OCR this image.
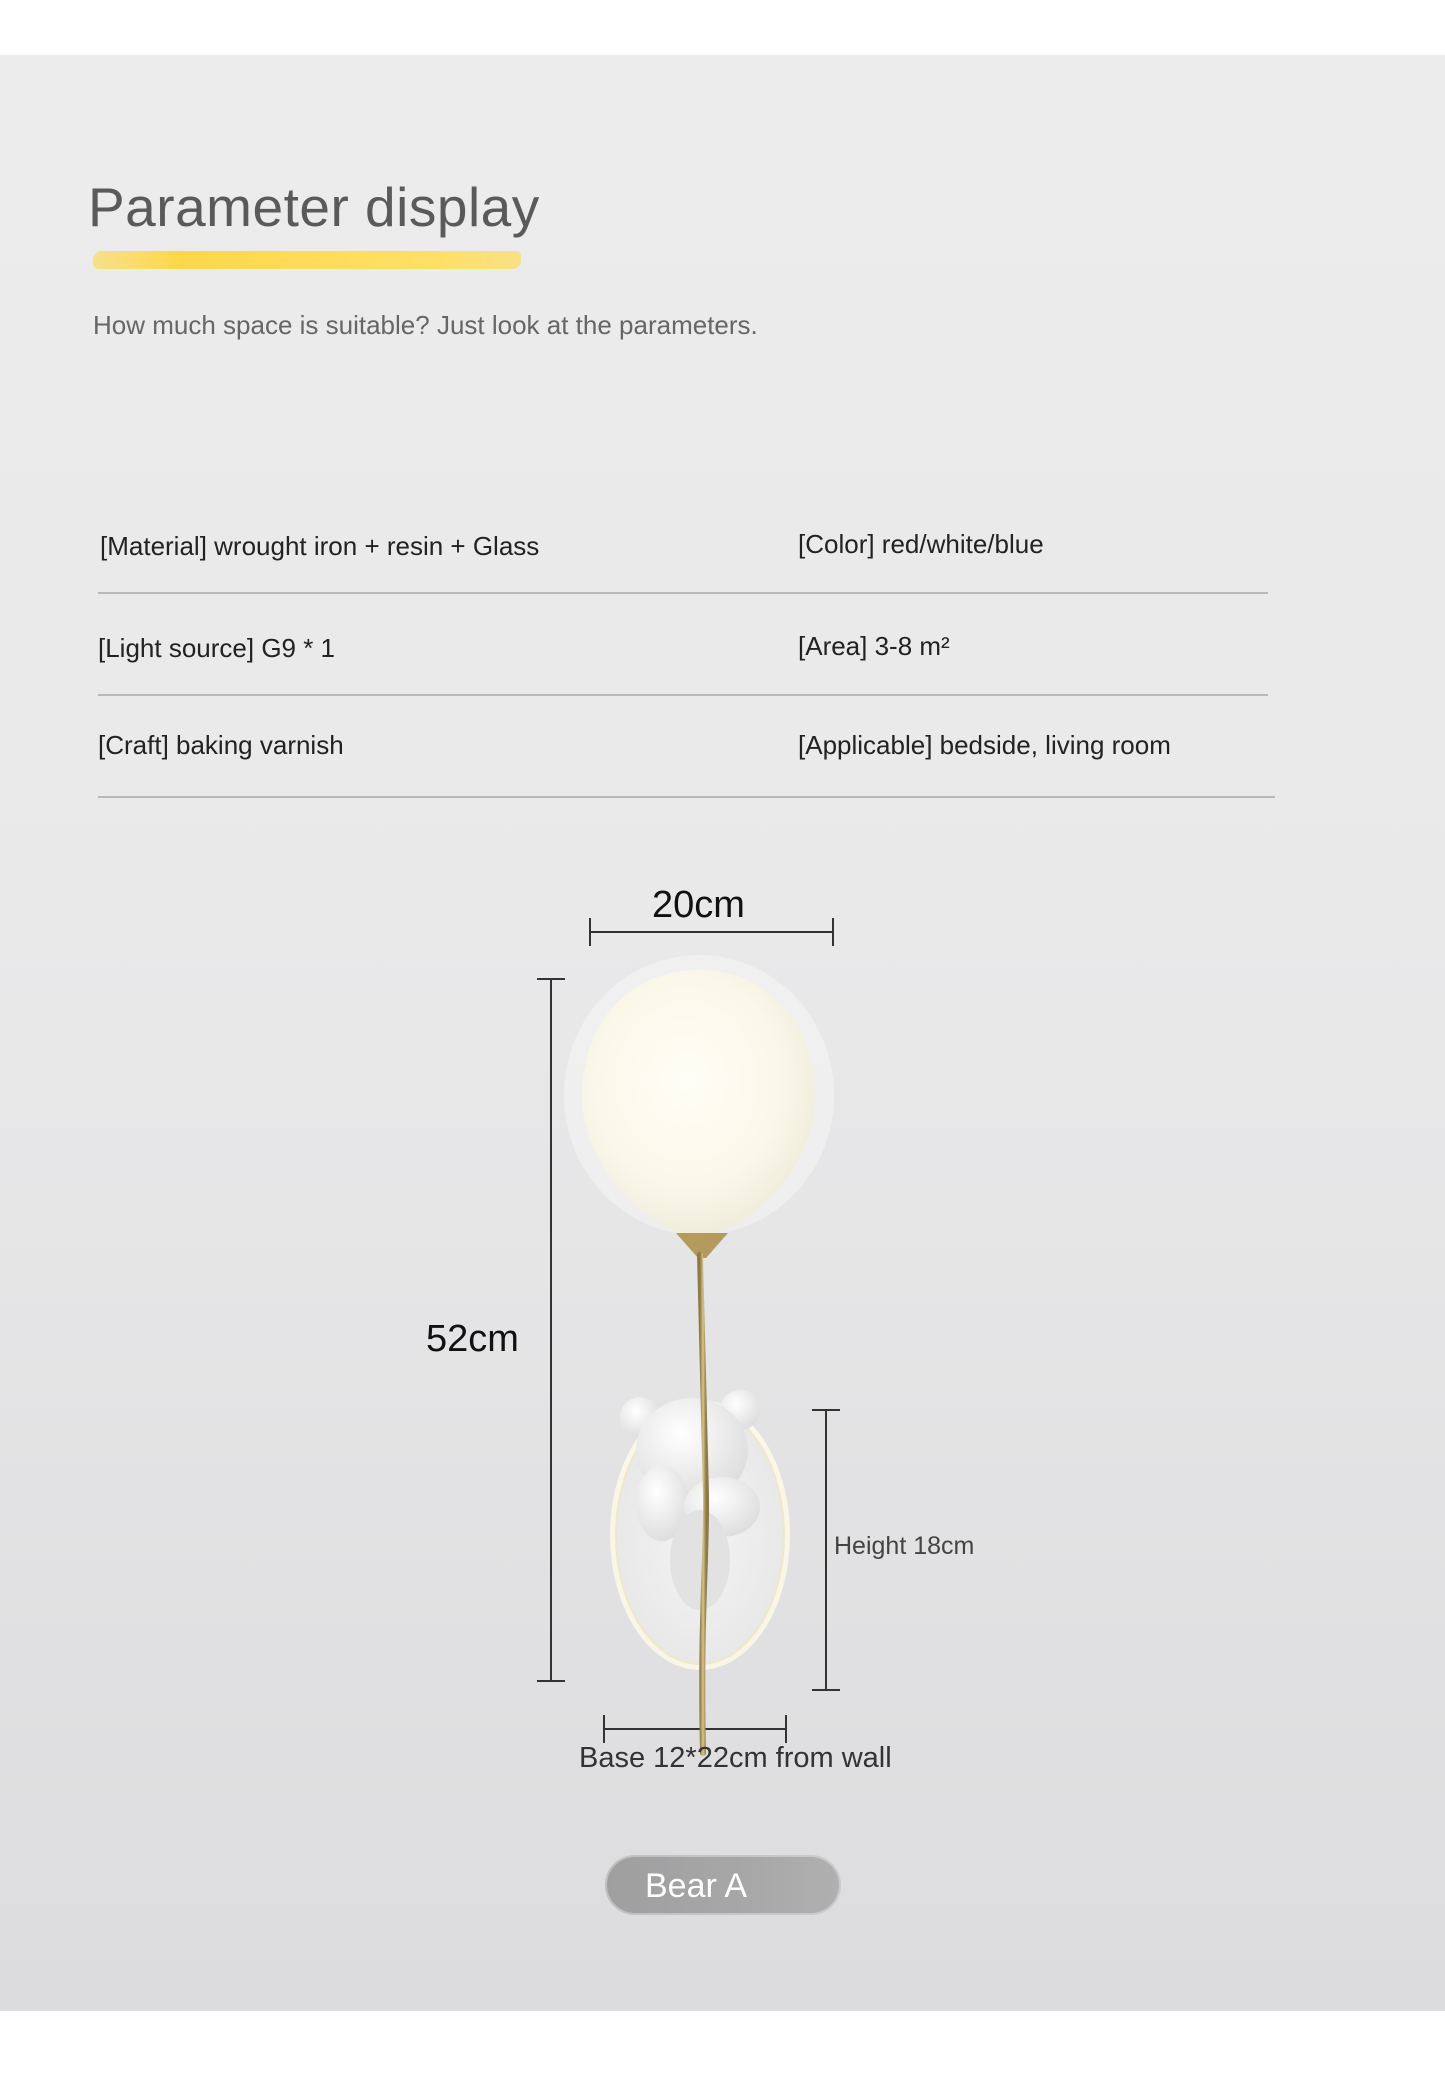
Parameter display
How much space is suitable? Just look at the parameters.
[Material] wrought iron + resin + Glass	[Color] red/white/blue
[Light source] G9 * 1	[Area] 3-8 m²
[Craft] baking varnish	[Applicable] bedside, living room
20cm
52cm
Height 18cm
Base 12*22cm from wall
Bear A
